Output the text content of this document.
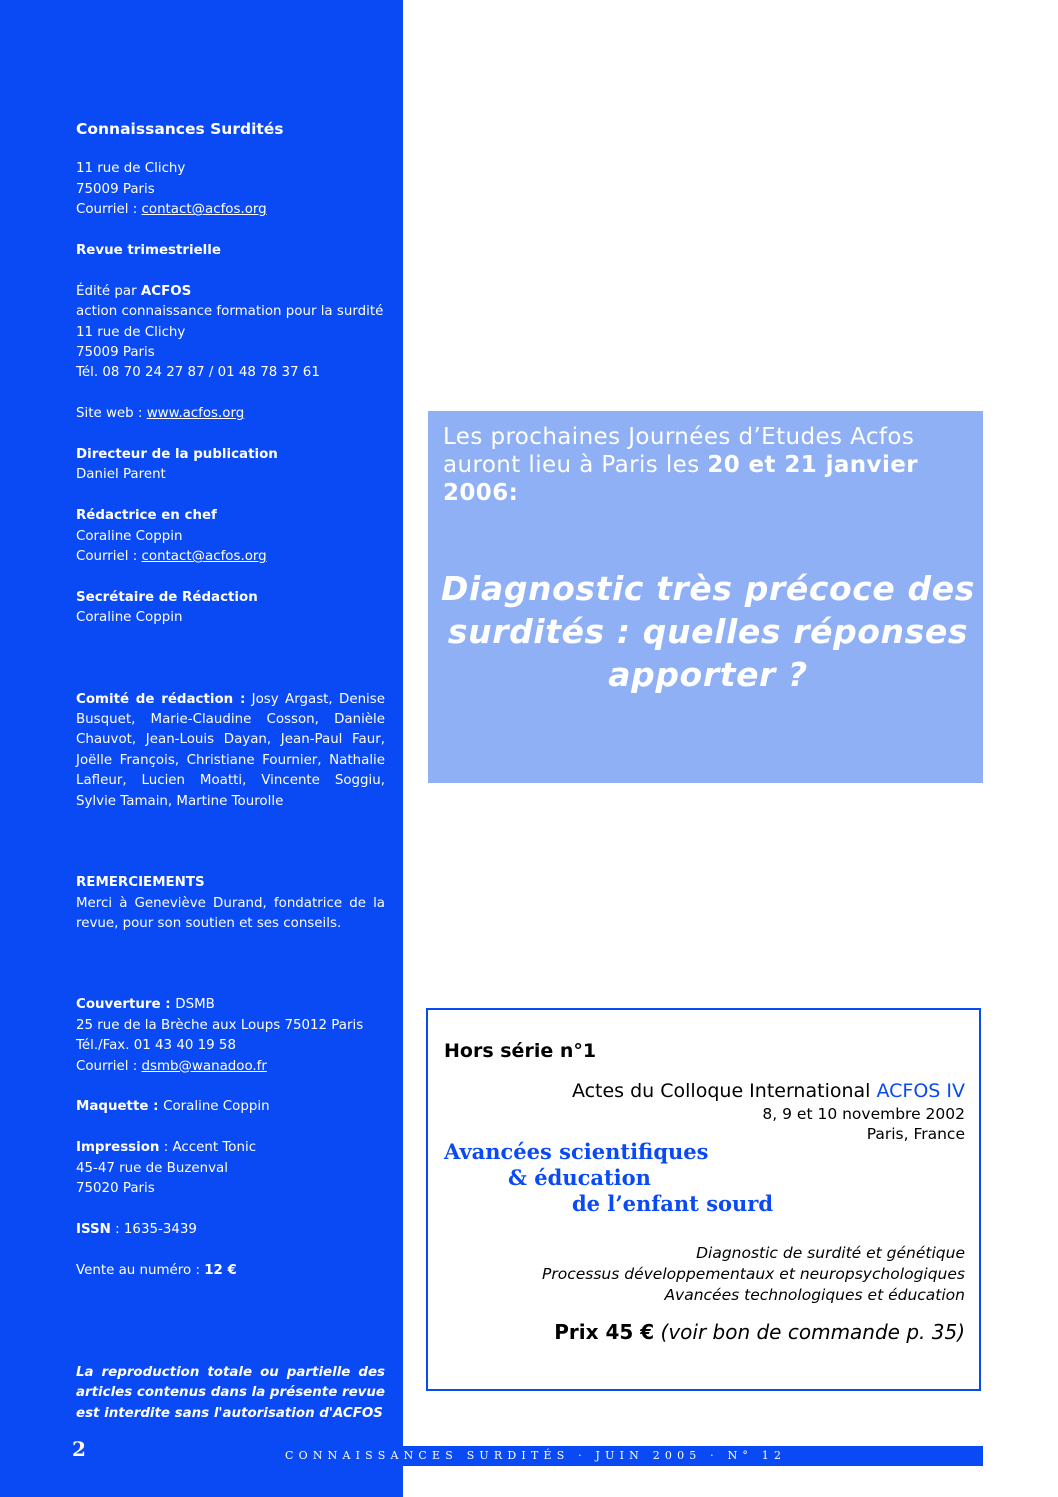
Connaissances Surdités

11 rue de Clichy

75009 Paris

Courriel : contact@acfos.org

Revue trimestrielle

Édité par ACFOS

action connaissance formation pour la surdité

11 rue de Clichy

75009 Paris

Tél. 08 70 24 27 87 / 01 48 78 37 61

Site web : www.acfos.org

Directeur de la publication

Daniel Parent

Rédactrice en chef

Coraline Coppin

Courriel : contact@acfos.org

Secrétaire de Rédaction

Coraline Coppin

Comité de rédaction : Josy Argast, Denise Busquet, Marie-Claudine Cosson, Danièle Chauvot, Jean-Louis Dayan, Jean-Paul Faur, Joëlle François, Christiane Fournier, Nathalie Lafleur, Lucien Moatti, Vincente Soggiu, Sylvie Tamain, Martine Tourolle

REMERCIEMENTS

Merci à Geneviève Durand, fondatrice de la revue, pour son soutien et ses conseils.

Couverture : DSMB

25 rue de la Brèche aux Loups 75012 Paris

Tél./Fax. 01 43 40 19 58

Courriel : dsmb@wanadoo.fr

Maquette : Coraline Coppin

Impression : Accent Tonic

45-47 rue de Buzenval

75020 Paris

ISSN : 1635-3439

Vente au numéro : 12 €

La reproduction totale ou partielle des articles contenus dans la présente revue est interdite sans l'autorisation d'ACFOS

2
Les prochaines Journées d’Etudes Acfos auront lieu à Paris les 20 et 21 janvier 2006:
Diagnostic très précoce des surdités : quelles réponses apporter ?
Hors série n°1
Actes du Colloque International ACFOS IV
8, 9 et 10 novembre 2002
Paris, France
Avancées scientifiques
& éducation
de l’enfant sourd
Diagnostic de surdité et génétique
Processus développementaux et neuropsychologiques
Avancées technologiques et éducation
Prix 45 € (voir bon de commande p. 35)
CONNAISSANCES SURDITÉS · JUIN 2005 · N° 12
